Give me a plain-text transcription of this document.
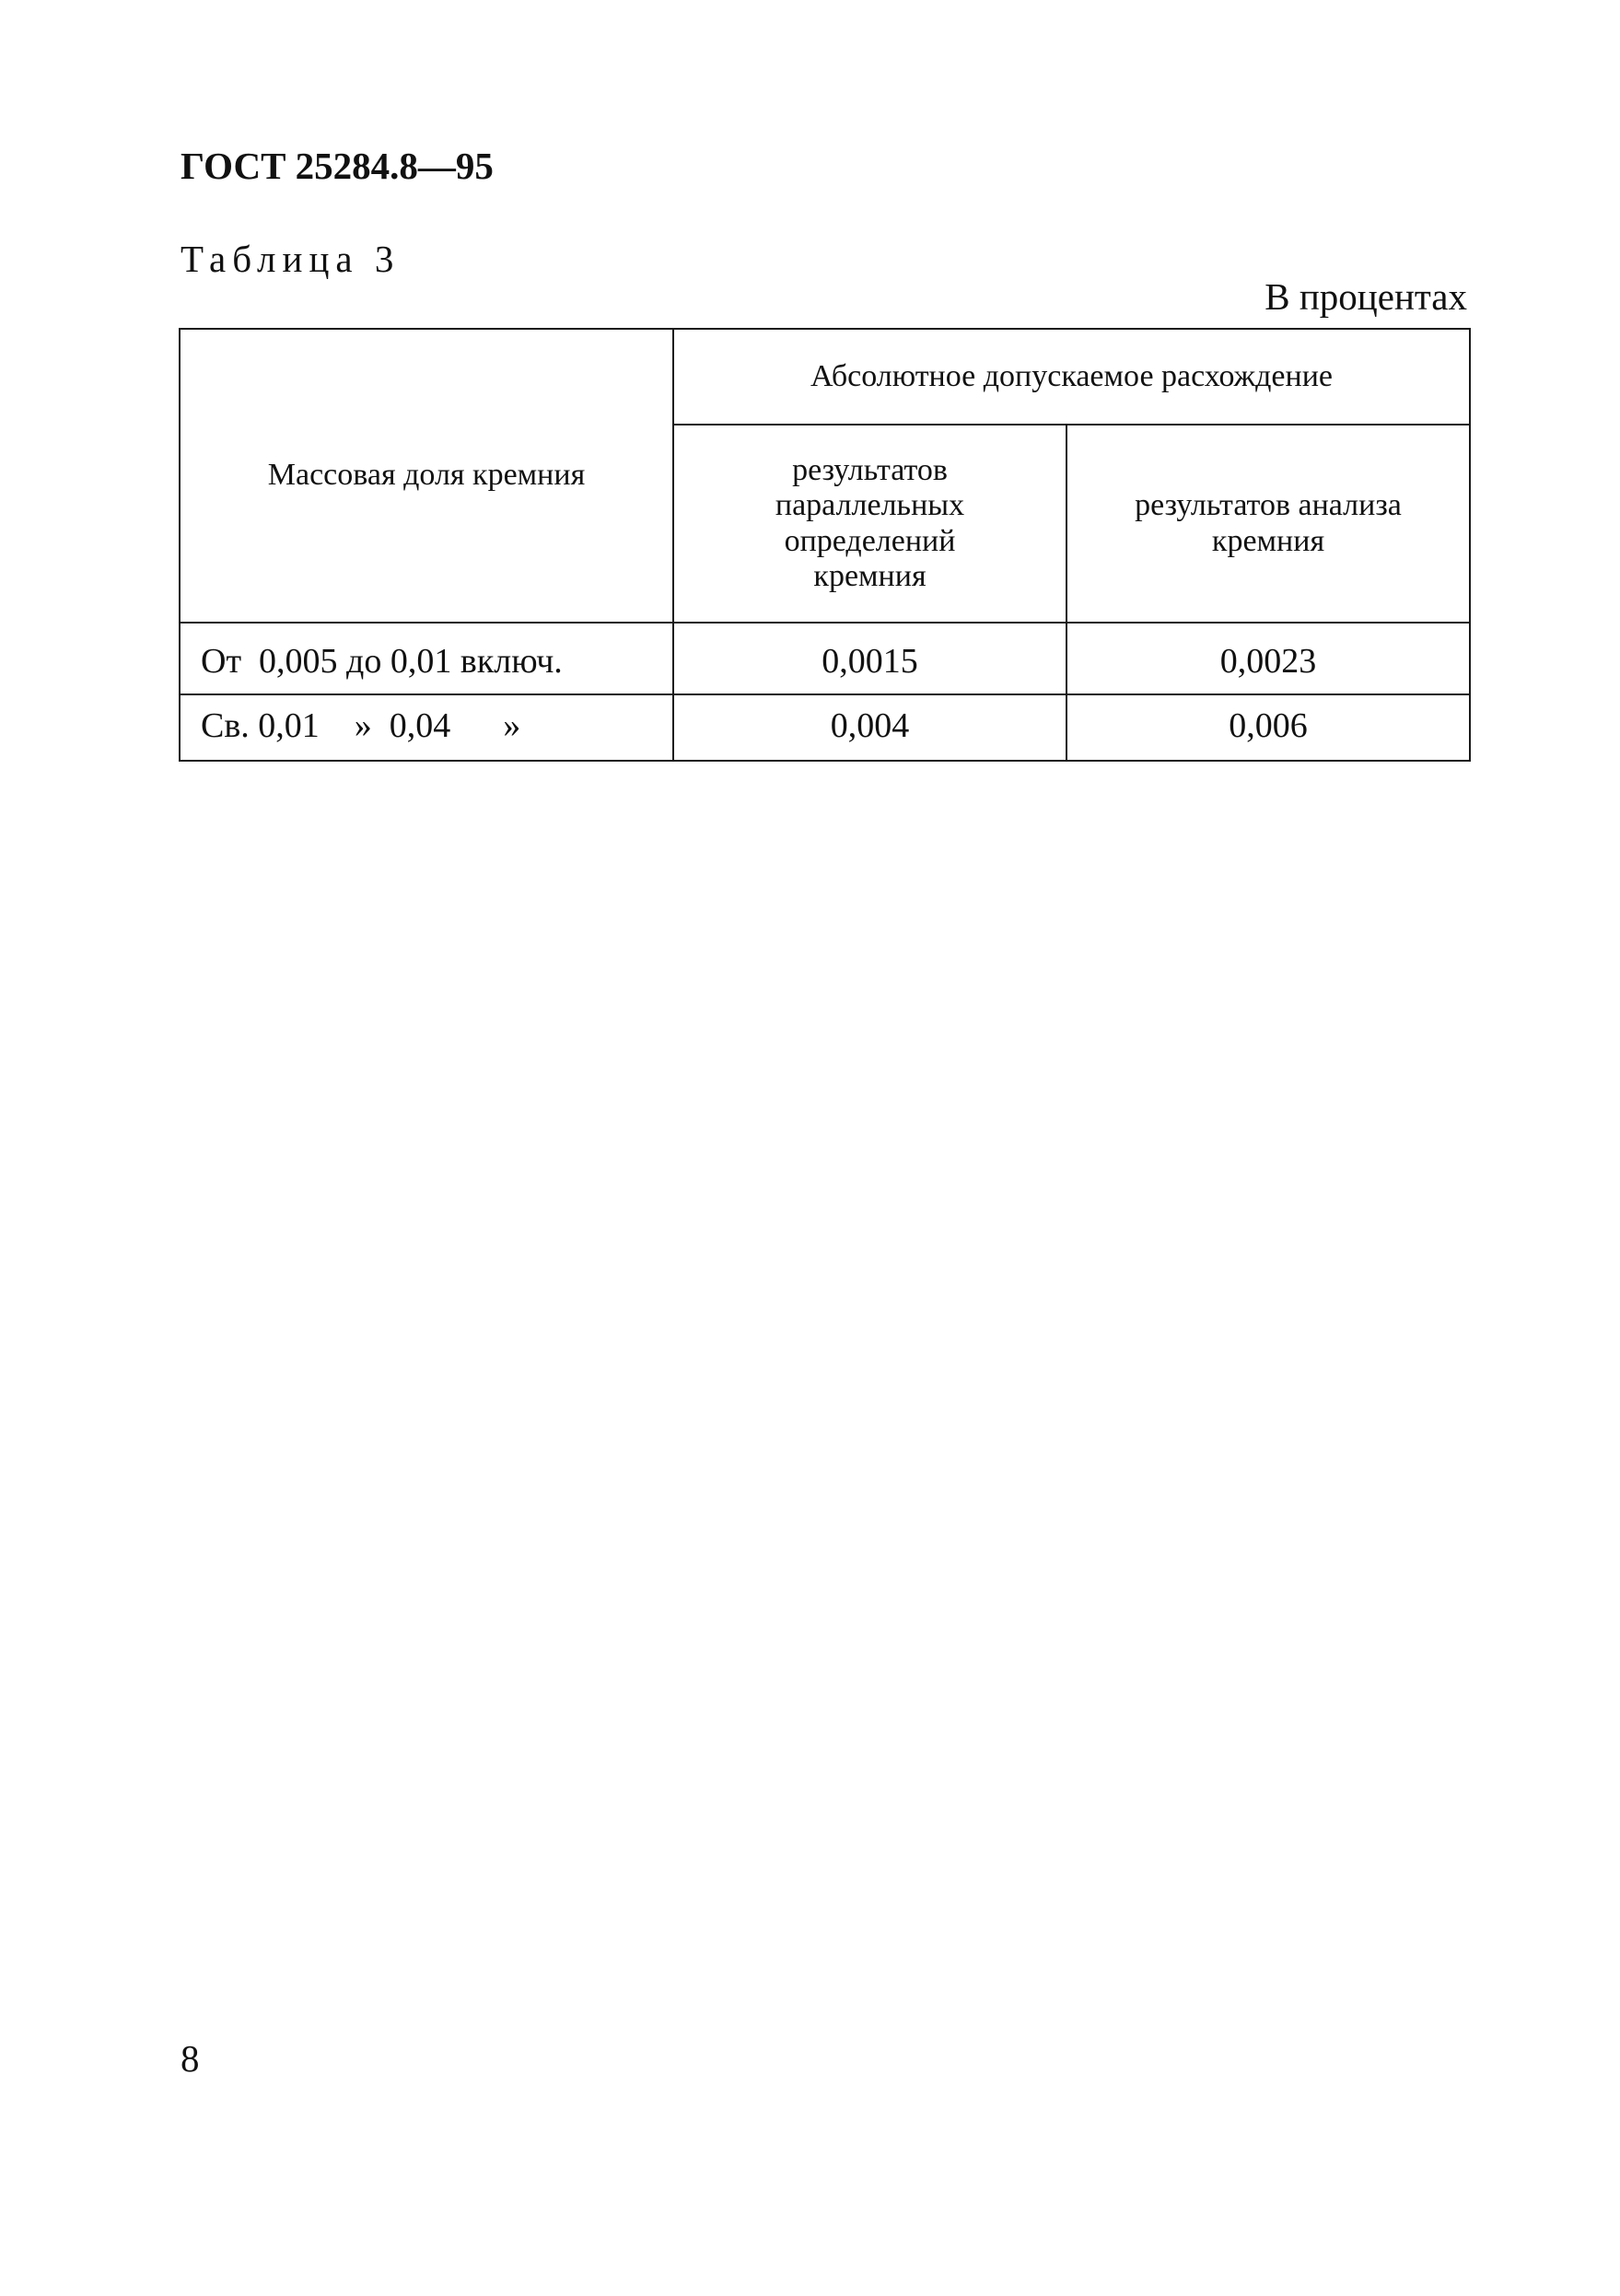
ГОСТ 25284.8—95
Таблица 3
В процентах
Массовая доля кремния	Абсолютное допускаемое расхождение	
	результатов параллельных определений кремния	результатов анализа кремния
От  0,005 до 0,01 включ.	0,0015	0,0023
Св. 0,01    »  0,04      »	0,004	0,006
8
